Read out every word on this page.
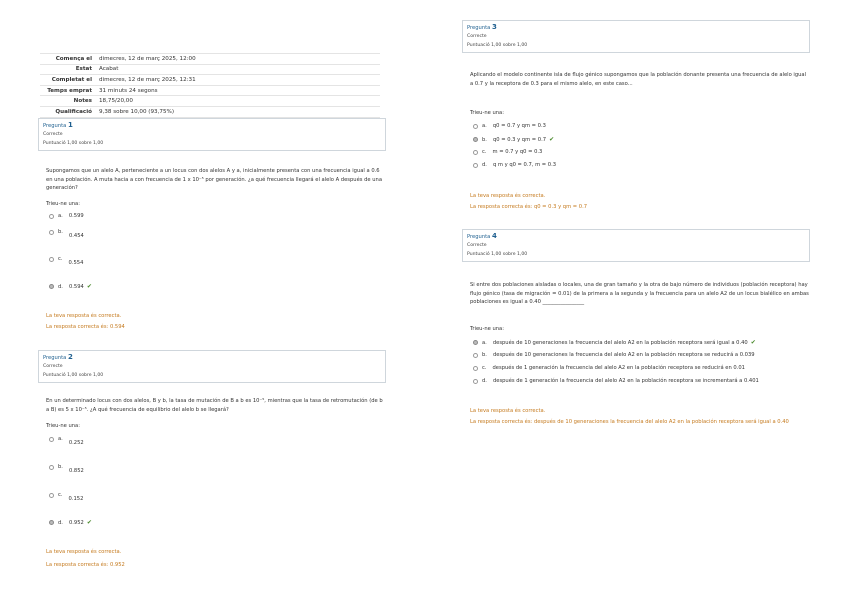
Comença el	dimecres, 12 de març 2025, 12:00
Estat	Acabat
Completat el	dimecres, 12 de març 2025, 12:31
Temps emprat	31 minuts 24 segons
Notes	18,75/20,00
Qualificació	9,38 sobre 10,00 (93,75%)
Pregunta 1
Correcte
Puntuació 1,00 sobre 1,00
Supongamos que un alelo A, perteneciente a un locus con dos alelos A y a, inicialmente presenta con una frecuencia igual a 0.6 en una población. A muta hacia a con frecuencia de 1 x 10⁻⁵ por generación. ¿a qué frecuencia llegará el alelo A después de una generación?
Trieu-ne una:
a. 0.599
b.
0.454
c.
0.554
d. 0.594 ✔
La teva resposta és correcta.
La resposta correcta és: 0.594
Pregunta 2
Correcte
Puntuació 1,00 sobre 1,00
En un determinado locus con dos alelos, B y b, la tasa de mutación de B a b es 10⁻⁵, mientras que la tasa de retromutación (de b a B) es 5 x 10⁻⁵. ¿A qué frecuencia de equilibrio del alelo b se llegará?
Trieu-ne una:
a.
0.252
b.
0.852
c.
0.152
d. 0.952 ✔
La teva resposta és correcta.
La resposta correcta és: 0.952
Pregunta 3
Correcte
Puntuació 1,00 sobre 1,00
Aplicando el modelo continente isla de flujo génico supongamos que la población donante presenta una frecuencia de alelo igual a 0.7 y la receptora de 0.3 para el mismo alelo, en este caso...
Trieu-ne una:
a. q0 = 0.7 y qm = 0.3
b. q0 = 0.3 y qm = 0.7 ✔
c. m = 0.7 y q0 = 0.3
d. q m y q0 = 0.7, m = 0.3
La teva resposta és correcta.
La resposta correcta és: q0 = 0.3 y qm = 0.7
Pregunta 4
Correcte
Puntuació 1,00 sobre 1,00
Si entre dos poblaciones aisladas o locales, una de gran tamaño y la otra de bajo número de individuos (población receptora) hay flujo génico (tasa de migración = 0.01) de la primera a la segunda y la frecuencia para un alelo A2 de un locus bialélico en ambas poblaciones es igual a 0.40 ________________
Trieu-ne una:
a. después de 10 generaciones la frecuencia del alelo A2 en la población receptora será igual a 0.40 ✔
b. después de 10 generaciones la frecuencia del alelo A2 en la población receptora se reducirá a 0.039
c. después de 1 generación la frecuencia del alelo A2 en la población receptora se reducirá en 0.01
d. después de 1 generación la frecuencia del alelo A2 en la población receptora se incrementará a 0.401
La teva resposta és correcta.
La resposta correcta és: después de 10 generaciones la frecuencia del alelo A2 en la población receptora será igual a 0.40
